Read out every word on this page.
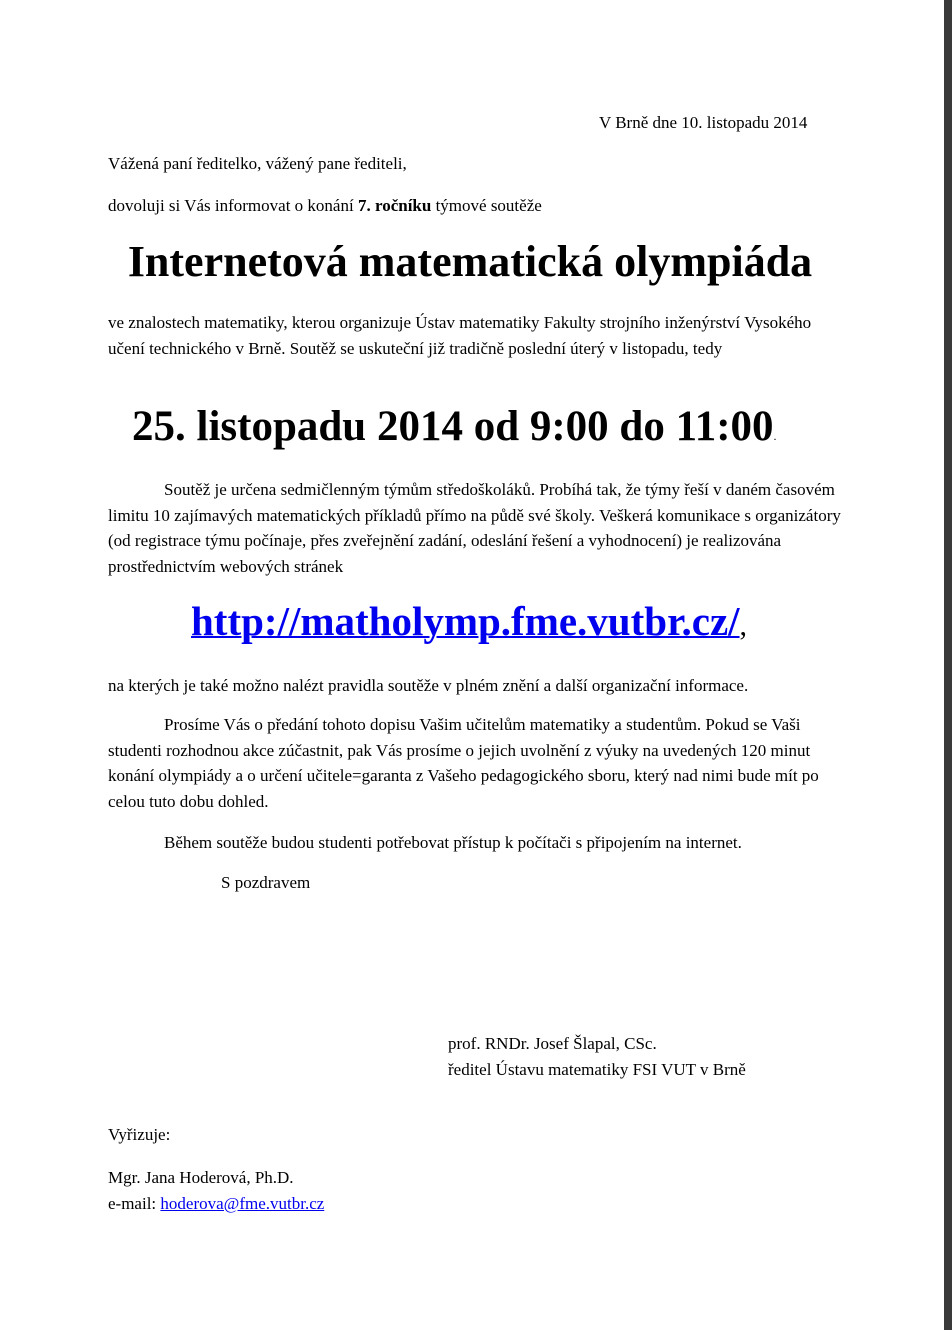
V Brně dne 10. listopadu 2014
Vážená paní ředitelko, vážený pane řediteli,
dovoluji si Vás informovat o konání 7. ročníku týmové soutěže
Internetová matematická olympiáda
ve znalostech matematiky, kterou organizuje Ústav matematiky Fakulty strojního inženýrství Vysokého učení technického v Brně. Soutěž se uskuteční již tradičně poslední úterý v listopadu, tedy
25. listopadu 2014 od 9:00 do 11:00.
Soutěž je určena sedmičlenným týmům středoškoláků. Probíhá tak, že týmy řeší v daném časovém limitu 10 zajímavých matematických příkladů přímo na půdě své školy. Veškerá komunikace s organizátory (od registrace týmu počínaje, přes zveřejnění zadání, odeslání řešení a vyhodnocení) je realizována prostřednictvím webových stránek
http://matholymp.fme.vutbr.cz/,
na kterých je také možno nalézt pravidla soutěže v plném znění a další organizační informace.
Prosíme Vás o předání tohoto dopisu Vašim učitelům matematiky a studentům. Pokud se Vaši studenti rozhodnou akce zúčastnit, pak Vás prosíme o jejich uvolnění z výuky na uvedených 120 minut konání olympiády a o určení učitele=garanta z Vašeho pedagogického sboru, který nad nimi bude mít po celou tuto dobu dohled.
Během soutěže budou studenti potřebovat přístup k počítači s připojením na internet.
S pozdravem
prof. RNDr. Josef Šlapal, CSc.
ředitel Ústavu matematiky FSI VUT v Brně
Vyřizuje:
Mgr. Jana Hoderová, Ph.D.
e-mail: hoderova@fme.vutbr.cz
